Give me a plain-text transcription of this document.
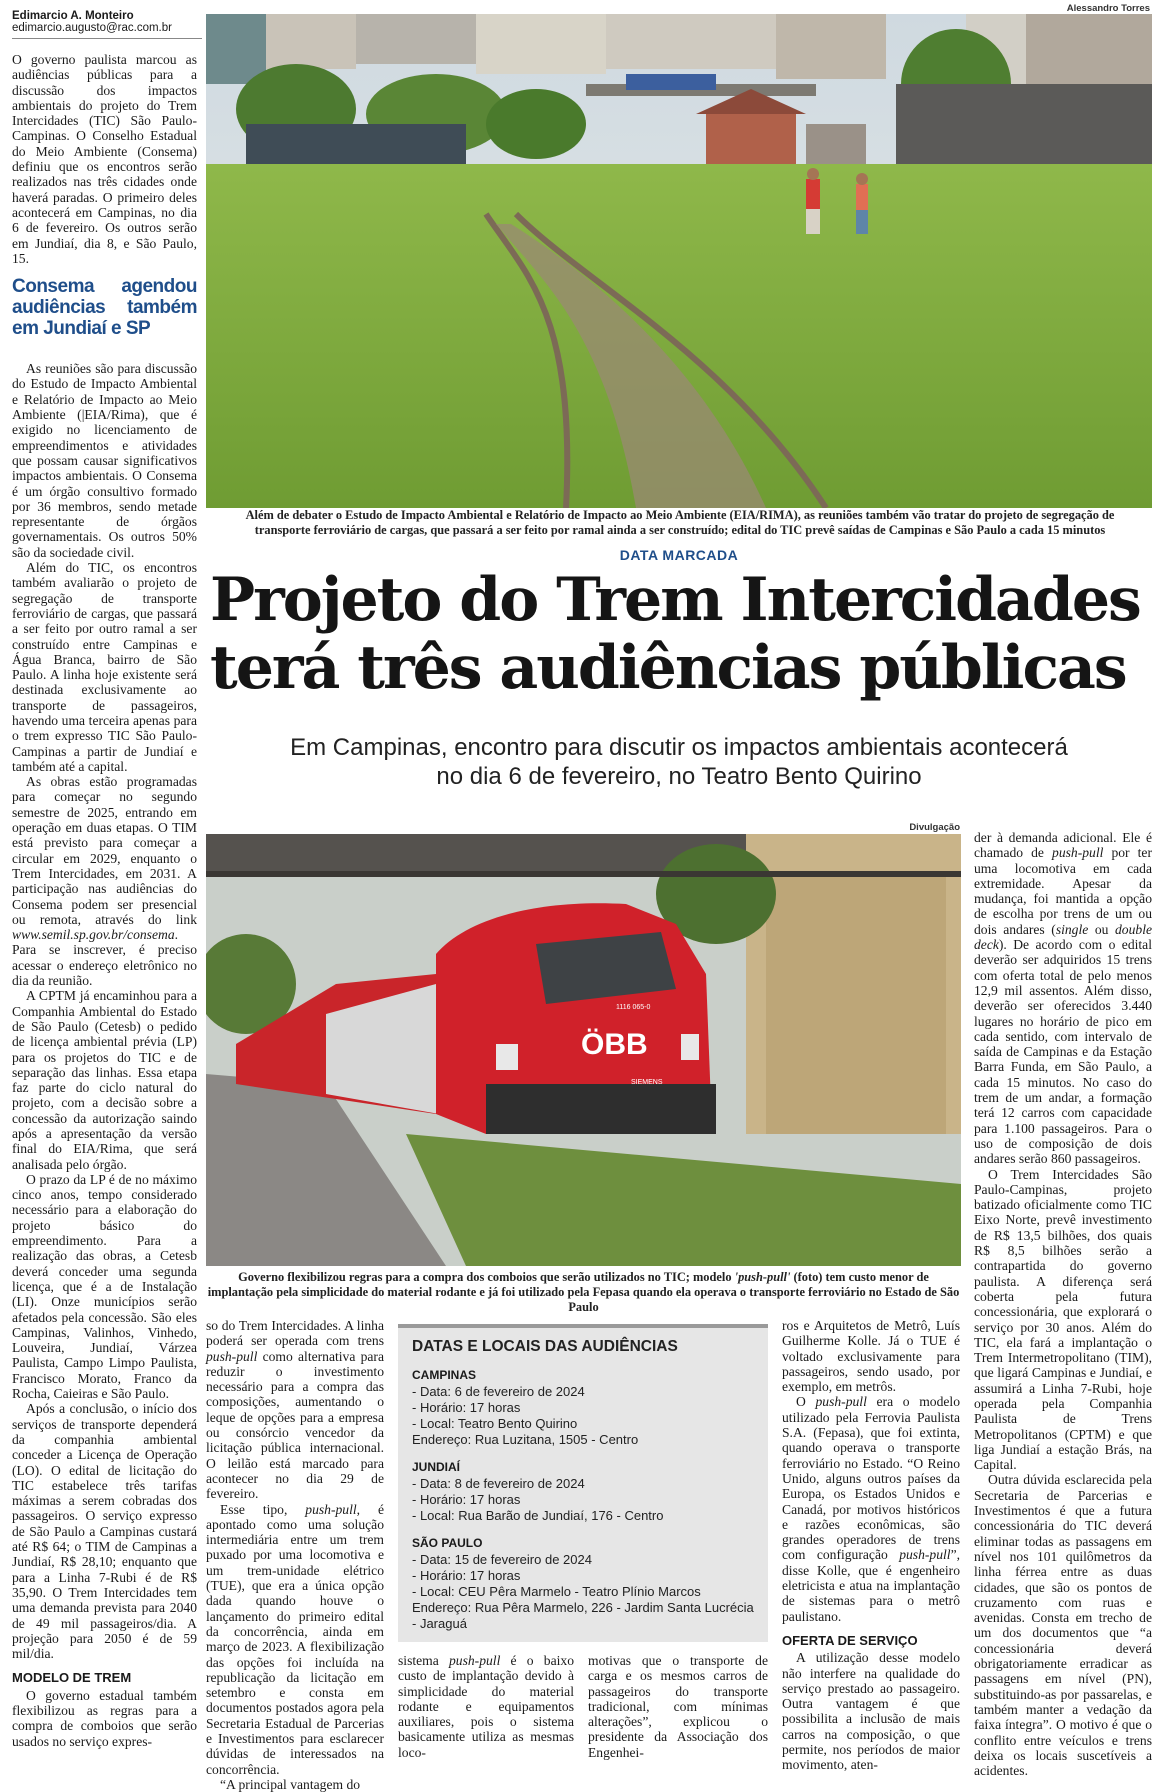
Edimarcio A. Monteiro
edimarcio.augusto@rac.com.br

O governo paulista marcou as audiências públicas para a discussão dos impactos ambientais do projeto do Trem Intercidades (TIC) São Paulo-Campinas. O Conselho Estadual do Meio Ambiente (Consema) definiu que os encontros serão realizados nas três cidades onde haverá paradas. O primeiro deles acontecerá em Campinas, no dia 6 de fevereiro. Os outros serão em Jundiaí, dia 8, e São Paulo, 15.

Consema agendou audiências também em Jundiaí e SP

As reuniões são para discussão do Estudo de Impacto Ambiental e Relatório de Impacto ao Meio Ambiente (|EIA/Rima), que é exigido no licenciamento de empreendimentos e atividades que possam causar significativos impactos ambientais. O Consema é um órgão consultivo formado por 36 membros, sendo metade representante de órgãos governamentais. Os outros 50% são da sociedade civil.

Além do TIC, os encontros também avaliarão o projeto de segregação de transporte ferroviário de cargas, que passará a ser feito por outro ramal a ser construído entre Campinas e Água Branca, bairro de São Paulo. A linha hoje existente será destinada exclusivamente ao transporte de passageiros, havendo uma terceira apenas para o trem expresso TIC São Paulo-Campinas a partir de Jundiaí e também até a capital.

As obras estão programadas para começar no segundo semestre de 2025, entrando em operação em duas etapas. O TIM está previsto para começar a circular em 2029, enquanto o Trem Intercidades, em 2031. A participação nas audiências do Consema podem ser presencial ou remota, através do link www.semil.sp.gov.br/consema. Para se inscrever, é preciso acessar o endereço eletrônico no dia da reunião.

A CPTM já encaminhou para a Companhia Ambiental do Estado de São Paulo (Cetesb) o pedido de licença ambiental prévia (LP) para os projetos do TIC e de separação das linhas. Essa etapa faz parte do ciclo natural do projeto, com a decisão sobre a concessão da autorização saindo após a apresentação da versão final do EIA/Rima, que será analisada pelo órgão.

O prazo da LP é de no máximo cinco anos, tempo considerado necessário para a elaboração do projeto básico do empreendimento. Para a realização das obras, a Cetesb deverá conceder uma segunda licença, que é a de Instalação (LI). Onze municípios serão afetados pela concessão. São eles Campinas, Valinhos, Vinhedo, Louveira, Jundiaí, Várzea Paulista, Campo Limpo Paulista, Francisco Morato, Franco da Rocha, Caieiras e São Paulo.

Após a conclusão, o início dos serviços de transporte dependerá da companhia ambiental conceder a Licença de Operação (LO). O edital de licitação do TIC estabelece três tarifas máximas a serem cobradas dos passageiros. O serviço expresso de São Paulo a Campinas custará até R$ 64; o TIM de Campinas a Jundiaí, R$ 28,10; enquanto que para a Linha 7-Rubi é de R$ 35,90. O Trem Intercidades tem uma demanda prevista para 2040 de 49 mil passageiros/dia. A projeção para 2050 é de 59 mil/dia.

MODELO DE TREM

O governo estadual também flexibilizou as regras para a compra de comboios que serão usados no serviço expres-

Alessandro Torres
Além de debater o Estudo de Impacto Ambiental e Relatório de Impacto ao Meio Ambiente (EIA/RIMA), as reuniões também vão tratar do projeto de segregação de transporte ferroviário de cargas, que passará a ser feito por ramal ainda a ser construído; edital do TIC prevê saídas de Campinas e São Paulo a cada 15 minutos
DATA MARCADA
Projeto do Trem Intercidades
terá três audiências públicas
Em Campinas, encontro para discutir os impactos ambientais acontecerá
no dia 6 de fevereiro, no Teatro Bento Quirino
Divulgação
ÖBB
1116 065-0
SIEMENS
Governo flexibilizou regras para a compra dos comboios que serão utilizados no TIC; modelo 'push-pull' (foto) tem custo menor de implantação pela simplicidade do material rodante e já foi utilizado pela Fepasa quando ela operava o transporte ferroviário no Estado de São Paulo

so do Trem Intercidades. A linha poderá ser operada com trens push-pull como alternativa para reduzir o investimento necessário para a compra das composições, aumentando o leque de opções para a empresa ou consórcio vencedor da licitação pública internacional. O leilão está marcado para acontecer no dia 29 de fevereiro.

Esse tipo, push-pull, é apontado como uma solução intermediária entre um trem puxado por uma locomotiva e um trem-unidade elétrico (TUE), que era a única opção dada quando houve o lançamento do primeiro edital da concorrência, ainda em março de 2023. A flexibilização das opções foi incluída na republicação da licitação em setembro e consta em documentos postados agora pela Secretaria Estadual de Parcerias e Investimentos para esclarecer dúvidas de interessados na concorrência.

“A principal vantagem do

DATAS E LOCAIS DAS AUDIÊNCIAS
CAMPINAS
- Data: 6 de fevereiro de 2024
- Horário: 17 horas
- Local: Teatro Bento Quirino
Endereço: Rua Luzitana, 1505 - Centro
JUNDIAÍ
- Data: 8 de fevereiro de 2024
- Horário: 17 horas
- Local: Rua Barão de Jundiaí, 176 - Centro
SÃO PAULO
- Data: 15 de fevereiro de 2024
- Horário: 17 horas
- Local: CEU Pêra Marmelo - Teatro Plínio Marcos
Endereço: Rua Pêra Marmelo, 226 - Jardim Santa Lucrécia - Jaraguá

sistema push-pull é o baixo custo de implantação devido à simplicidade do material rodante e equipamentos auxiliares, pois o sistema basicamente utiliza as mesmas loco-

motivas que o transporte de carga e os mesmos carros de passageiros do transporte tradicional, com mínimas alterações”, explicou o presidente da Associação dos Engenhei-

ros e Arquitetos de Metrô, Luís Guilherme Kolle. Já o TUE é voltado exclusivamente para passageiros, sendo usado, por exemplo, em metrôs.

O push-pull era o modelo utilizado pela Ferrovia Paulista S.A. (Fepasa), que foi extinta, quando operava o transporte ferroviário no Estado. “O Reino Unido, alguns outros países da Europa, os Estados Unidos e Canadá, por motivos históricos e razões econômicas, são grandes operadores de trens com configuração push-pull”, disse Kolle, que é engenheiro eletricista e atua na implantação de sistemas para o metrô paulistano.

OFERTA DE SERVIÇO

A utilização desse modelo não interfere na qualidade do serviço prestado ao passageiro. Outra vantagem é que possibilita a inclusão de mais carros na composição, o que permite, nos períodos de maior movimento, aten-

der à demanda adicional. Ele é chamado de push-pull por ter uma locomotiva em cada extremidade. Apesar da mudança, foi mantida a opção de escolha por trens de um ou dois andares (single ou double deck). De acordo com o edital deverão ser adquiridos 15 trens com oferta total de pelo menos 12,9 mil assentos. Além disso, deverão ser oferecidos 3.440 lugares no horário de pico em cada sentido, com intervalo de saída de Campinas e da Estação Barra Funda, em São Paulo, a cada 15 minutos. No caso do trem de um andar, a formação terá 12 carros com capacidade para 1.100 passageiros. Para o uso de composição de dois andares serão 860 passageiros.

O Trem Intercidades São Paulo-Campinas, projeto batizado oficialmente como TIC Eixo Norte, prevê investimento de R$ 13,5 bilhões, dos quais R$ 8,5 bilhões serão a contrapartida do governo paulista. A diferença será coberta pela futura concessionária, que explorará o serviço por 30 anos. Além do TIC, ela fará a implantação o Trem Intermetropolitano (TIM), que ligará Campinas e Jundiaí, e assumirá a Linha 7-Rubi, hoje operada pela Companhia Paulista de Trens Metropolitanos (CPTM) e que liga Jundiaí a estação Brás, na Capital.

Outra dúvida esclarecida pela Secretaria de Parcerias e Investimentos é que a futura concessionária do TIC deverá eliminar todas as passagens em nível nos 101 quilômetros da linha férrea entre as duas cidades, que são os pontos de cruzamento com ruas e avenidas. Consta em trecho de um dos documentos que “a concessionária deverá obrigatoriamente erradicar as passagens em nível (PN), substituindo-as por passarelas, e também manter a vedação da faixa íntegra”. O motivo é que o conflito entre veículos e trens deixa os locais suscetíveis a acidentes.
